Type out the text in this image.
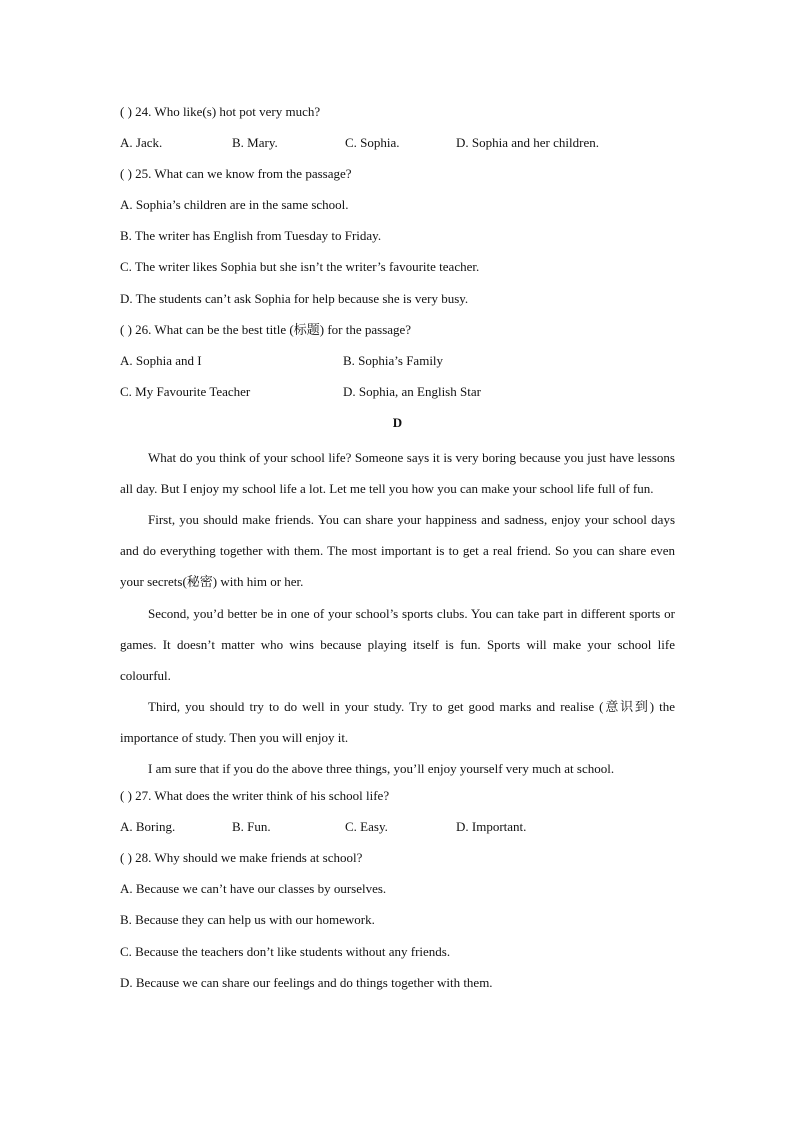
( ) 24. Who like(s) hot pot very much?
A. Jack.	B. Mary.	C. Sophia.	D. Sophia and her children.
( ) 25. What can we know from the passage?
A. Sophia’s children are in the same school.
B. The writer has English from Tuesday to Friday.
C. The writer likes Sophia but she isn’t the writer’s favourite teacher.
D. The students can’t ask Sophia for help because she is very busy.
( ) 26. What can be the best title (标题) for the passage?
A. Sophia and I	B. Sophia’s Family
C. My Favourite Teacher	D. Sophia, an English Star
D

What do you think of your school life? Someone says it is very boring because you just have lessons all day. But I enjoy my school life a lot. Let me tell you how you can make your school life full of fun.

First, you should make friends. You can share your happiness and sadness, enjoy your school days and do everything together with them. The most important is to get a real friend. So you can share even your secrets(秘密) with him or her.

Second, you’d better be in one of your school’s sports clubs. You can take part in different sports or games. It doesn’t matter who wins because playing itself is fun. Sports will make your school life colourful.

Third, you should try to do well in your study. Try to get good marks and realise (意识到) the importance of study. Then you will enjoy it.

I am sure that if you do the above three things, you’ll enjoy yourself very much at school.

( ) 27. What does the writer think of his school life?
A. Boring.	B. Fun.	C. Easy.	D. Important.
( ) 28. Why should we make friends at school?
A. Because we can’t have our classes by ourselves.
B. Because they can help us with our homework.
C. Because the teachers don’t like students without any friends.
D. Because we can share our feelings and do things together with them.
